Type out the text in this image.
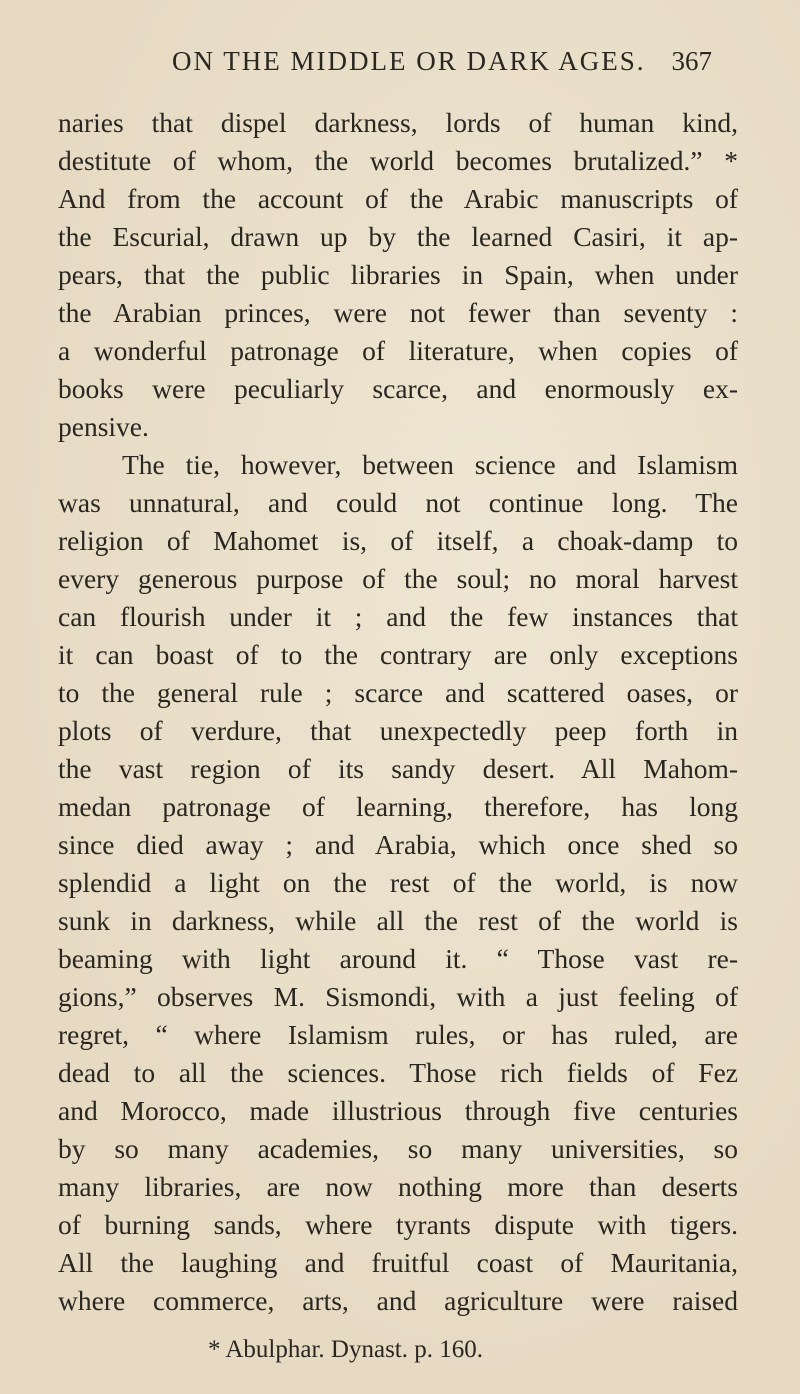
ON THE MIDDLE OR DARK AGES. 367
naries that dispel darkness, lords of human kind,
destitute of whom, the world becomes brutalized.” *
And from the account of the Arabic manuscripts of
the Escurial, drawn up by the learned Casiri, it ap-
pears, that the public libraries in Spain, when under
the Arabian princes, were not fewer than seventy :
a wonderful patronage of literature, when copies of
books were peculiarly scarce, and enormously ex-
pensive.
The tie, however, between science and Islamism
was unnatural, and could not continue long. The
religion of Mahomet is, of itself, a choak-damp to
every generous purpose of the soul; no moral harvest
can flourish under it ; and the few instances that
it can boast of to the contrary are only exceptions
to the general rule ; scarce and scattered oases, or
plots of verdure, that unexpectedly peep forth in
the vast region of its sandy desert. All Mahom-
medan patronage of learning, therefore, has long
since died away ; and Arabia, which once shed so
splendid a light on the rest of the world, is now
sunk in darkness, while all the rest of the world is
beaming with light around it. “ Those vast re-
gions,” observes M. Sismondi, with a just feeling of
regret, “ where Islamism rules, or has ruled, are
dead to all the sciences. Those rich fields of Fez
and Morocco, made illustrious through five centuries
by so many academies, so many universities, so
many libraries, are now nothing more than deserts
of burning sands, where tyrants dispute with tigers.
All the laughing and fruitful coast of Mauritania,
where commerce, arts, and agriculture were raised
* Abulphar. Dynast. p. 160.
